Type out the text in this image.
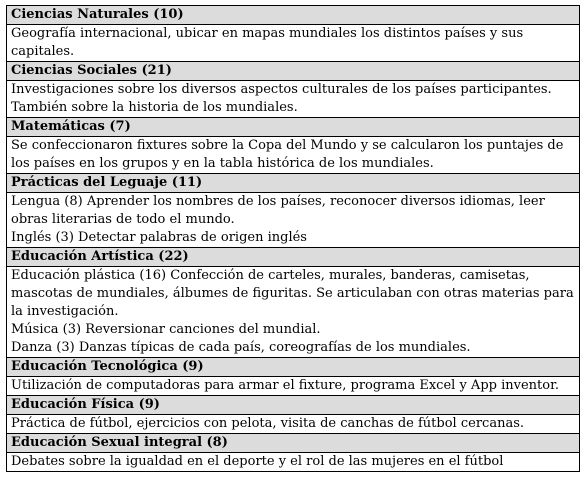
Ciencias Naturales (10)

Geografía internacional, ubicar en mapas mundiales los distintos países y sus capitales.

Ciencias Sociales (21)

Investigaciones sobre los diversos aspectos culturales de los países participantes. También sobre la historia de los mundiales.

Matemáticas (7)

Se confeccionaron fixtures sobre la Copa del Mundo y se calcularon los puntajes de los países en los grupos y en la tabla histórica de los mundiales.

Prácticas del Leguaje (11)

Lengua (8) Aprender los nombres de los países, reconocer diversos idiomas, leer obras literarias de todo el mundo.
Inglés (3) Detectar palabras de origen inglés

Educación Artística (22)

Educación plástica (16) Confección de carteles, murales, banderas, camisetas, mascotas de mundiales, álbumes de figuritas. Se articulaban con otras materias para la investigación.
Música (3) Reversionar canciones del mundial.
Danza (3) Danzas típicas de cada país, coreografías de los mundiales.

Educación Tecnológica (9)

Utilización de computadoras para armar el fixture, programa Excel y App inventor.

Educación Física (9)

Práctica de fútbol, ejercicios con pelota, visita de canchas de fútbol cercanas.

Educación Sexual integral (8)

Debates sobre la igualdad en el deporte y el rol de las mujeres en el fútbol
